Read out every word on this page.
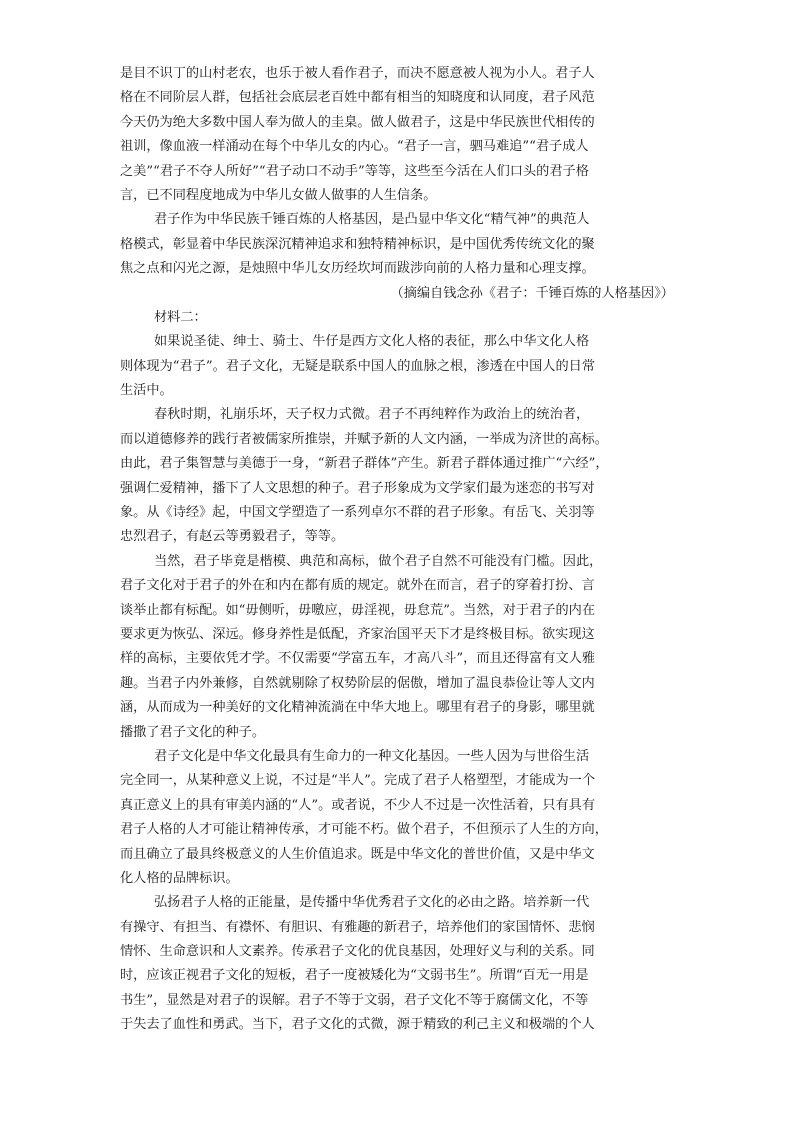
是目不识丁的山村老农，也乐于被人看作君子，而决不愿意被人视为小人。君子人
格在不同阶层人群，包括社会底层老百姓中都有相当的知晓度和认同度，君子风范
今天仍为绝大多数中国人奉为做人的圭臬。做人做君子，这是中华民族世代相传的
祖训，像血液一样涌动在每个中华儿女的内心。“君子一言，驷马难追”“君子成人
之美”“君子不夺人所好”“君子动口不动手”等等，这些至今活在人们口头的君子格
言，已不同程度地成为中华儿女做人做事的人生信条。
君子作为中华民族千锤百炼的人格基因，是凸显中华文化“精气神”的典范人
格模式，彰显着中华民族深沉精神追求和独特精神标识，是中国优秀传统文化的聚
焦之点和闪光之源，是烛照中华儿女历经坎坷而跋涉向前的人格力量和心理支撑。
（摘编自钱念孙《君子：千锤百炼的人格基因》）
材料二：
如果说圣徒、绅士、骑士、牛仔是西方文化人格的表征，那么中华文化人格
则体现为“君子”。君子文化，无疑是联系中国人的血脉之根，渗透在中国人的日常
生活中。
春秋时期，礼崩乐坏，天子权力式微。君子不再纯粹作为政治上的统治者，
而以道德修养的践行者被儒家所推崇，并赋予新的人文内涵，一举成为济世的高标。
由此，君子集智慧与美德于一身，“新君子群体”产生。新君子群体通过推广“六经”，
强调仁爱精神，播下了人文思想的种子。君子形象成为文学家们最为迷恋的书写对
象。从《诗经》起，中国文学塑造了一系列卓尔不群的君子形象。有岳飞、关羽等
忠烈君子，有赵云等勇毅君子，等等。
当然，君子毕竟是楷模、典范和高标，做个君子自然不可能没有门槛。因此，
君子文化对于君子的外在和内在都有质的规定。就外在而言，君子的穿着打扮、言
谈举止都有标配。如“毋侧听，毋噭应，毋淫视，毋怠荒”。当然，对于君子的内在
要求更为恢弘、深远。修身养性是低配，齐家治国平天下才是终极目标。欲实现这
样的高标，主要依凭才学。不仅需要“学富五车，才高八斗”，而且还得富有文人雅
趣。当君子内外兼修，自然就剔除了权势阶层的倨傲，增加了温良恭俭让等人文内
涵，从而成为一种美好的文化精神流淌在中华大地上。哪里有君子的身影，哪里就
播撒了君子文化的种子。
君子文化是中华文化最具有生命力的一种文化基因。一些人因为与世俗生活
完全同一，从某种意义上说，不过是“半人”。完成了君子人格塑型，才能成为一个
真正意义上的具有审美内涵的“人”。或者说，不少人不过是一次性活着，只有具有
君子人格的人才可能让精神传承，才可能不朽。做个君子，不但预示了人生的方向，
而且确立了最具终极意义的人生价值追求。既是中华文化的普世价值，又是中华文
化人格的品牌标识。
弘扬君子人格的正能量，是传播中华优秀君子文化的必由之路。培养新一代
有操守、有担当、有襟怀、有胆识、有雅趣的新君子，培养他们的家国情怀、悲悯
情怀、生命意识和人文素养。传承君子文化的优良基因，处理好义与利的关系。同
时，应该正视君子文化的短板，君子一度被矮化为“文弱书生”。所谓“百无一用是
书生”，显然是对君子的误解。君子不等于文弱，君子文化不等于腐儒文化，不等
于失去了血性和勇武。当下，君子文化的式微，源于精致的利己主义和极端的个人
